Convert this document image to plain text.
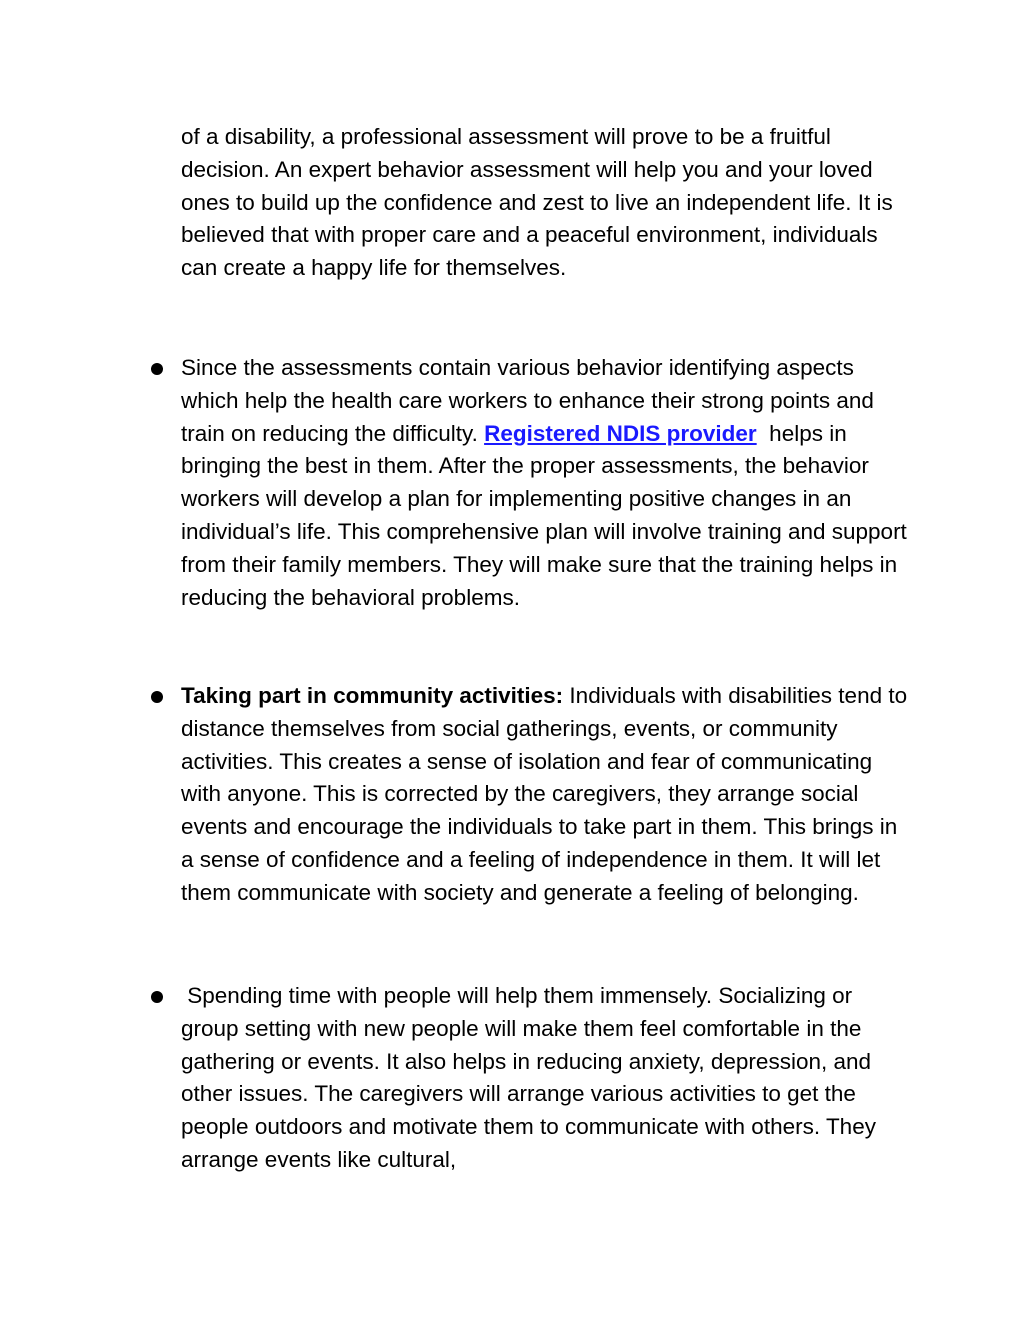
of a disability, a professional assessment will prove to be a fruitful decision. An expert behavior assessment will help you and your loved ones to build up the confidence and zest to live an independent life. It is believed that with proper care and a peaceful environment, individuals can create a happy life for themselves.

Since the assessments contain various behavior identifying aspects which help the health care workers to enhance their strong points and train on reducing the difficulty. Registered NDIS provider  helps in bringing the best in them. After the proper assessments, the behavior workers will develop a plan for implementing positive changes in an individual’s life. This comprehensive plan will involve training and support from their family members. They will make sure that the training helps in reducing the behavioral problems.

Taking part in community activities: Individuals with disabilities tend to distance themselves from social gatherings, events, or community activities. This creates a sense of isolation and fear of communicating with anyone. This is corrected by the caregivers, they arrange social events and encourage the individuals to take part in them. This brings in a sense of confidence and a feeling of independence in them. It will let them communicate with society and generate a feeling of belonging.

Spending time with people will help them immensely. Socializing or group setting with new people will make them feel comfortable in the gathering or events. It also helps in reducing anxiety, depression, and other issues. The caregivers will arrange various activities to get the people outdoors and motivate them to communicate with others. They arrange events like cultural,
